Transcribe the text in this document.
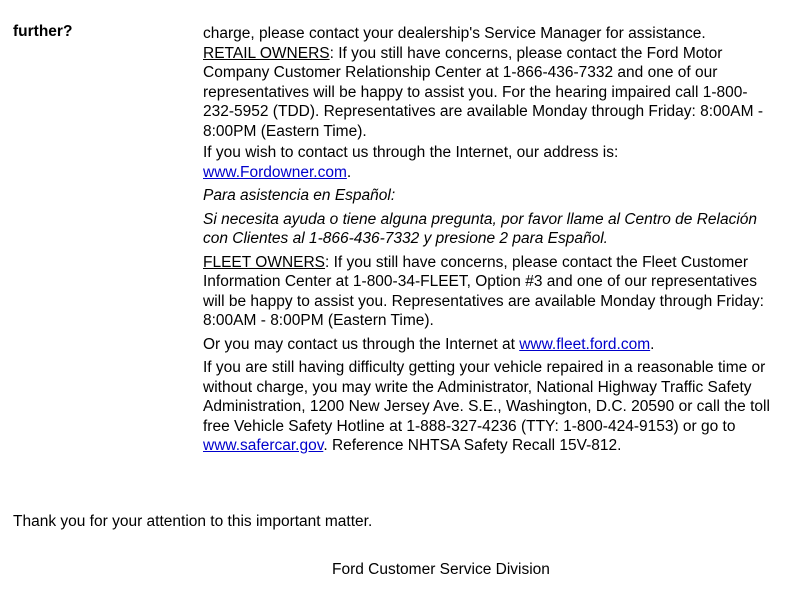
further?	charge, please contact your dealership's Service Manager for assistance.
RETAIL OWNERS: If you still have concerns, please contact the Ford Motor Company Customer Relationship Center at 1-866-436-7332 and one of our representatives will be happy to assist you. For the hearing impaired call 1-800-232-5952 (TDD). Representatives are available Monday through Friday: 8:00AM - 8:00PM (Eastern Time).

If you wish to contact us through the Internet, our address is:
www.Fordowner.com.

Para asistencia en Español:

Si necesita ayuda o tiene alguna pregunta, por favor llame al Centro de Relación con Clientes al 1-866-436-7332 y presione 2 para Español.

FLEET OWNERS: If you still have concerns, please contact the Fleet Customer Information Center at 1-800-34-FLEET, Option #3 and one of our representatives will be happy to assist you. Representatives are available Monday through Friday: 8:00AM - 8:00PM (Eastern Time).

Or you may contact us through the Internet at www.fleet.ford.com.

If you are still having difficulty getting your vehicle repaired in a reasonable time or without charge, you may write the Administrator, National Highway Traffic Safety Administration, 1200 New Jersey Ave. S.E., Washington, D.C. 20590 or call the toll free Vehicle Safety Hotline at 1-888-327-4236 (TTY: 1-800-424-9153) or go to www.safercar.gov. Reference NHTSA Safety Recall 15V-812.

Thank you for your attention to this important matter.
Ford Customer Service Division
